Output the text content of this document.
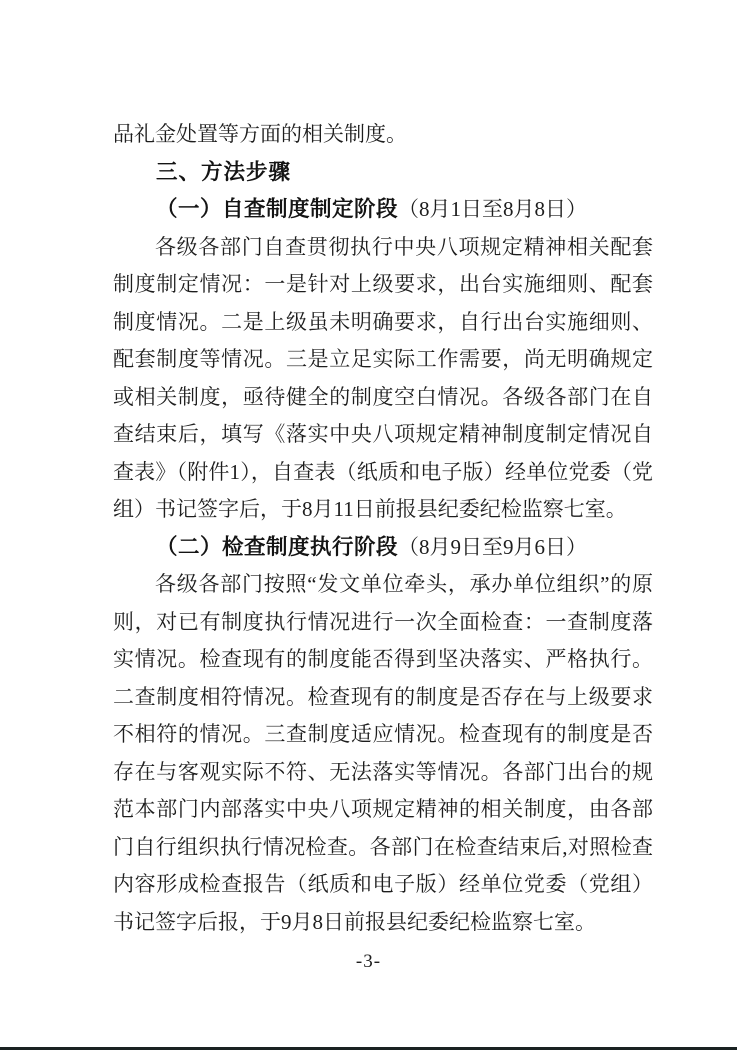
品礼金处置等方面的相关制度。

三、方法步骤
（一）自查制度制定阶段（8月1日至8月8日）

各级各部门自查贯彻执行中央八项规定精神相关配套制度制定情况：一是针对上级要求，出台实施细则、配套制度情况。二是上级虽未明确要求，自行出台实施细则、配套制度等情况。三是立足实际工作需要，尚无明确规定或相关制度，亟待健全的制度空白情况。各级各部门在自查结束后，填写《落实中央八项规定精神制度制定情况自查表》（附件1），自查表（纸质和电子版）经单位党委（党组）书记签字后，于8月11日前报县纪委纪检监察七室。

（二）检查制度执行阶段（8月9日至9月6日）

各级各部门按照“发文单位牵头，承办单位组织”的原则，对已有制度执行情况进行一次全面检查：一查制度落实情况。检查现有的制度能否得到坚决落实、严格执行。二查制度相符情况。检查现有的制度是否存在与上级要求不相符的情况。三查制度适应情况。检查现有的制度是否存在与客观实际不符、无法落实等情况。各部门出台的规范本部门内部落实中央八项规定精神的相关制度，由各部门自行组织执行情况检查。各部门在检查结束后,对照检查内容形成检查报告（纸质和电子版）经单位党委（党组）书记签字后报，于9月8日前报县纪委纪检监察七室。

-3-
